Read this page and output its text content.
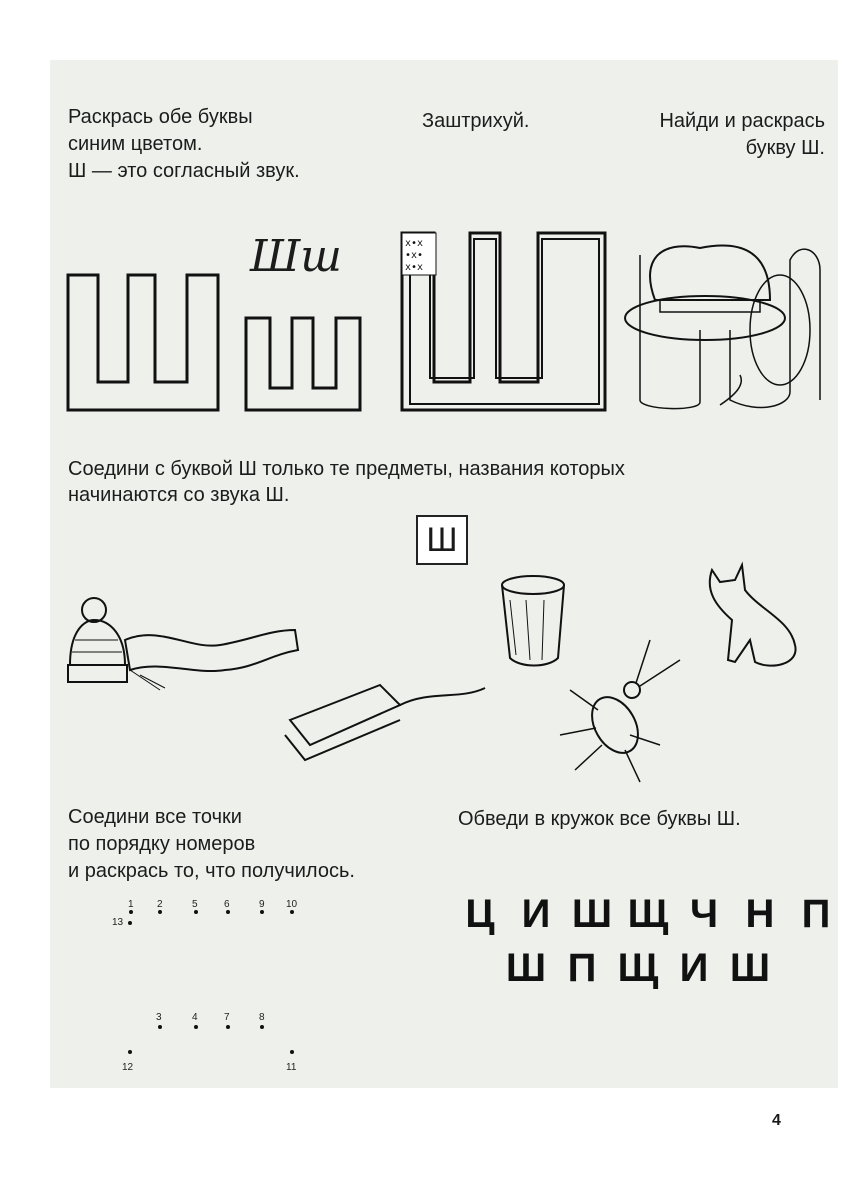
Раскрась обе буквы
синим цветом.
Ш — это согласный звук.
Заштрихуй.	Найди и раскрась
букву Ш.
x•x
•x•
x•x
Шш
Соедини с буквой Ш только те предметы, названия которых
начинаются со звука Ш.
Ш
Соедини все точки
по порядку номеров
и раскрась то, что получилось.
13
1 2	5	6	9 10
3	4	7	8
12	11
Обведи в кружок все буквы Ш.
Ц И Ш Щ Ч Н П
Ш П Щ И Ш
4
